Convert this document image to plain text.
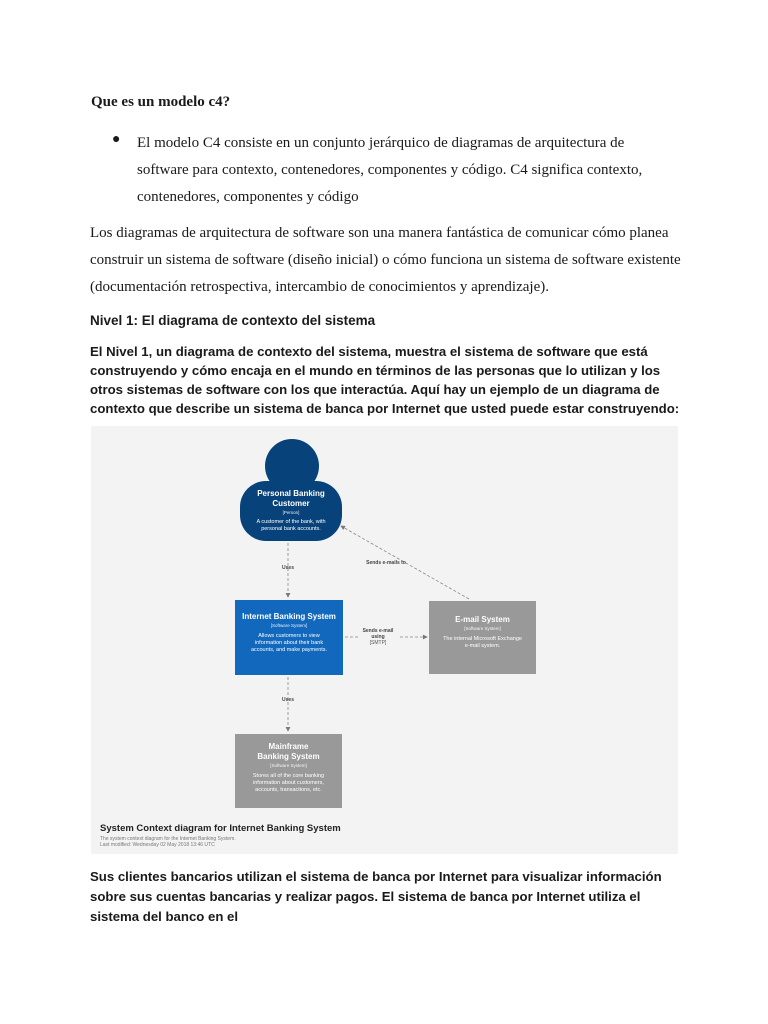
Que es un modelo c4?
● El modelo C4 consiste en un conjunto jerárquico de diagramas de arquitectura de software para contexto, contenedores, componentes y código. C4 significa contexto, contenedores, componentes y código
Los diagramas de arquitectura de software son una manera fantástica de comunicar cómo planea construir un sistema de software (diseño inicial) o cómo funciona un sistema de software existente (documentación retrospectiva, intercambio de conocimientos y aprendizaje).
Nivel 1: El diagrama de contexto del sistema
El Nivel 1, un diagrama de contexto del sistema, muestra el sistema de software que está construyendo y cómo encaja en el mundo en términos de las personas que lo utilizan y los otros sistemas de software con los que interactúa. Aquí hay un ejemplo de un diagrama de contexto que describe un sistema de banca por Internet que usted puede estar construyendo:
Personal Banking Customer
[Person]
A customer of the bank, with personal bank accounts.
Internet Banking System
[Software System]
Allows customers to view information about their bank accounts, and make payments.
E-mail System
[Software System]
The internal Microsoft Exchange e-mail system.
Mainframe Banking System
[Software System]
Stores all of the core banking information about customers, accounts, transactions, etc.
Uses
Sends e-mails to
Sends e-mail using
[SMTP]
Uses
System Context diagram for Internet Banking System
The system context diagram for the Internet Banking System.
Last modified: Wednesday 02 May 2018 13:46 UTC
Sus clientes bancarios utilizan el sistema de banca por Internet para visualizar información sobre sus cuentas bancarias y realizar pagos. El sistema de banca por Internet utiliza el sistema del banco en el
